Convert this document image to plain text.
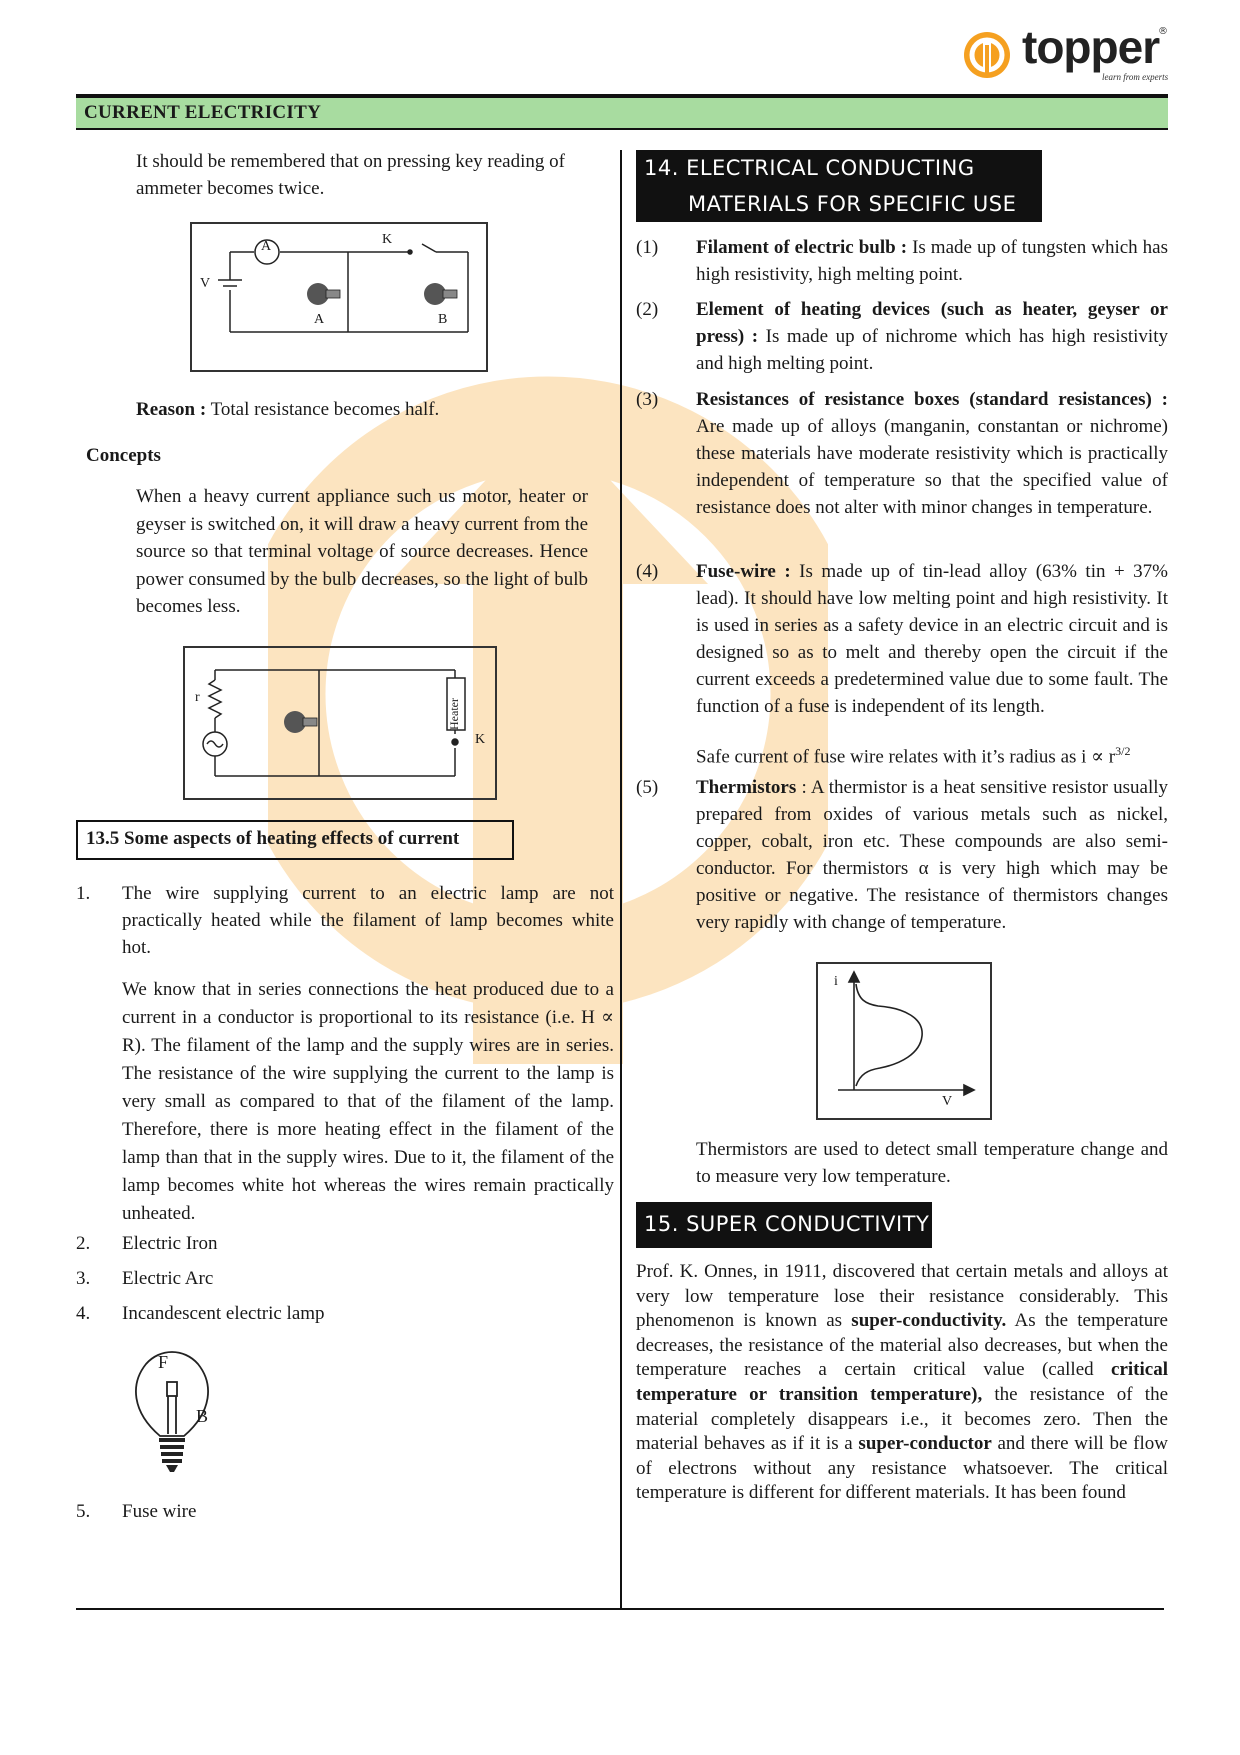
topper
learn from experts
®
CURRENT ELECTRICITY

It should be remembered that on pressing key reading of ammeter becomes twice.

A	K
V
A	B

Reason : Total resistance becomes half.

Concepts

When a heavy current appliance such us motor, heater or geyser is switched on, it will draw a heavy current from the source so that terminal voltage of source decreases. Hence power consumed by the bulb decreases, so the light of bulb becomes less.

r
Heater
K
13.5 Some aspects of heating effects of current
1. The wire supplying current to an electric lamp are not practically heated while the filament of lamp becomes white hot.

We know that in series connections the heat produced due to a current in a conductor is proportional to its resistance (i.e. H ∝ R). The filament of the lamp and the supply wires are in series. The resistance of the wire supplying the current to the lamp is very small as compared to that of the filament of the lamp. Therefore, there is more heating effect in the filament of the lamp than that in the supply wires. Due to it, the filament of the lamp becomes white hot whereas the wires remain practically unheated.

2. Electric Iron

3. Electric Arc

4. Incandescent electric lamp

5. Fuse wire

F
B
14. ELECTRICAL CONDUCTING
MATERIALS FOR SPECIFIC USE
(1) Filament of electric bulb : Is made up of tungsten which has high resistivity, high melting point.

(2) Element of heating devices (such as heater, geyser or press) : Is made up of nichrome which has high resistivity and high melting point.

(3) Resistances of resistance boxes (standard resistances) : Are made up of alloys (manganin, constantan or nichrome) these materials have moderate resistivity which is practically independent of temperature so that the specified value of resistance does not alter with minor changes in temperature.

(4) Fuse-wire : Is made up of tin-lead alloy (63% tin + 37% lead). It should have low melting point and high resistivity. It is used in series as a safety device in an electric circuit and is designed so as to melt and thereby open the circuit if the current exceeds a predetermined value due to some fault. The function of a fuse is independent of its length.

Safe current of fuse wire relates with it’s radius as $i \propto r^{3/2}$

(5) Thermistors : A thermistor is a heat sensitive resistor usually prepared from oxides of various metals such as nickel, copper, cobalt, iron etc. These compounds are also semi-conductor. For thermistors α is very high which may be positive or negative. The resistance of thermistors changes very rapidly with change of temperature.

i
V

Thermistors are used to detect small temperature change and to measure very low temperature.

15. SUPER CONDUCTIVITY

Prof. K. Onnes, in 1911, discovered that certain metals and alloys at very low temperature lose their resistance considerably. This phenomenon is known as super-conductivity. As the temperature decreases, the resistance of the material also decreases, but when the temperature reaches a certain critical value (called critical temperature or transition temperature), the resistance of the material completely disappears i.e., it becomes zero. Then the material behaves as if it is a super-conductor and there will be flow of electrons without any resistance whatsoever. The critical temperature is different for different materials. It has been found
